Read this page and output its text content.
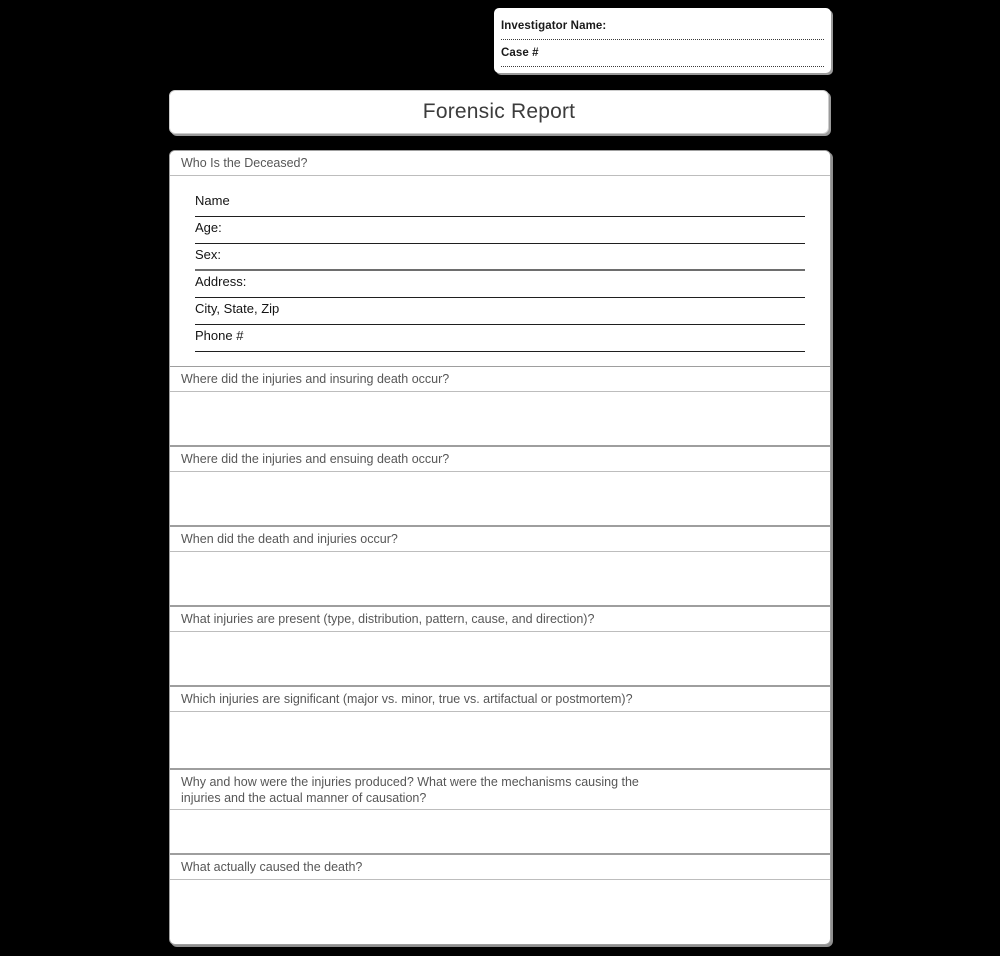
Investigator Name:
Case #
Forensic Report
Who Is the Deceased?
Name
Age:
Sex:
Address:
City, State, Zip
Phone #
Where did the injuries and insuring death occur?
Where did the injuries and ensuing death occur?
When did the death and injuries occur?
What injuries are present (type, distribution, pattern, cause, and direction)?
Which injuries are significant (major vs. minor, true vs. artifactual or postmortem)?
Why and how were the injuries produced? What were the mechanisms causing the
injuries and the actual manner of causation?
What actually caused the death?
